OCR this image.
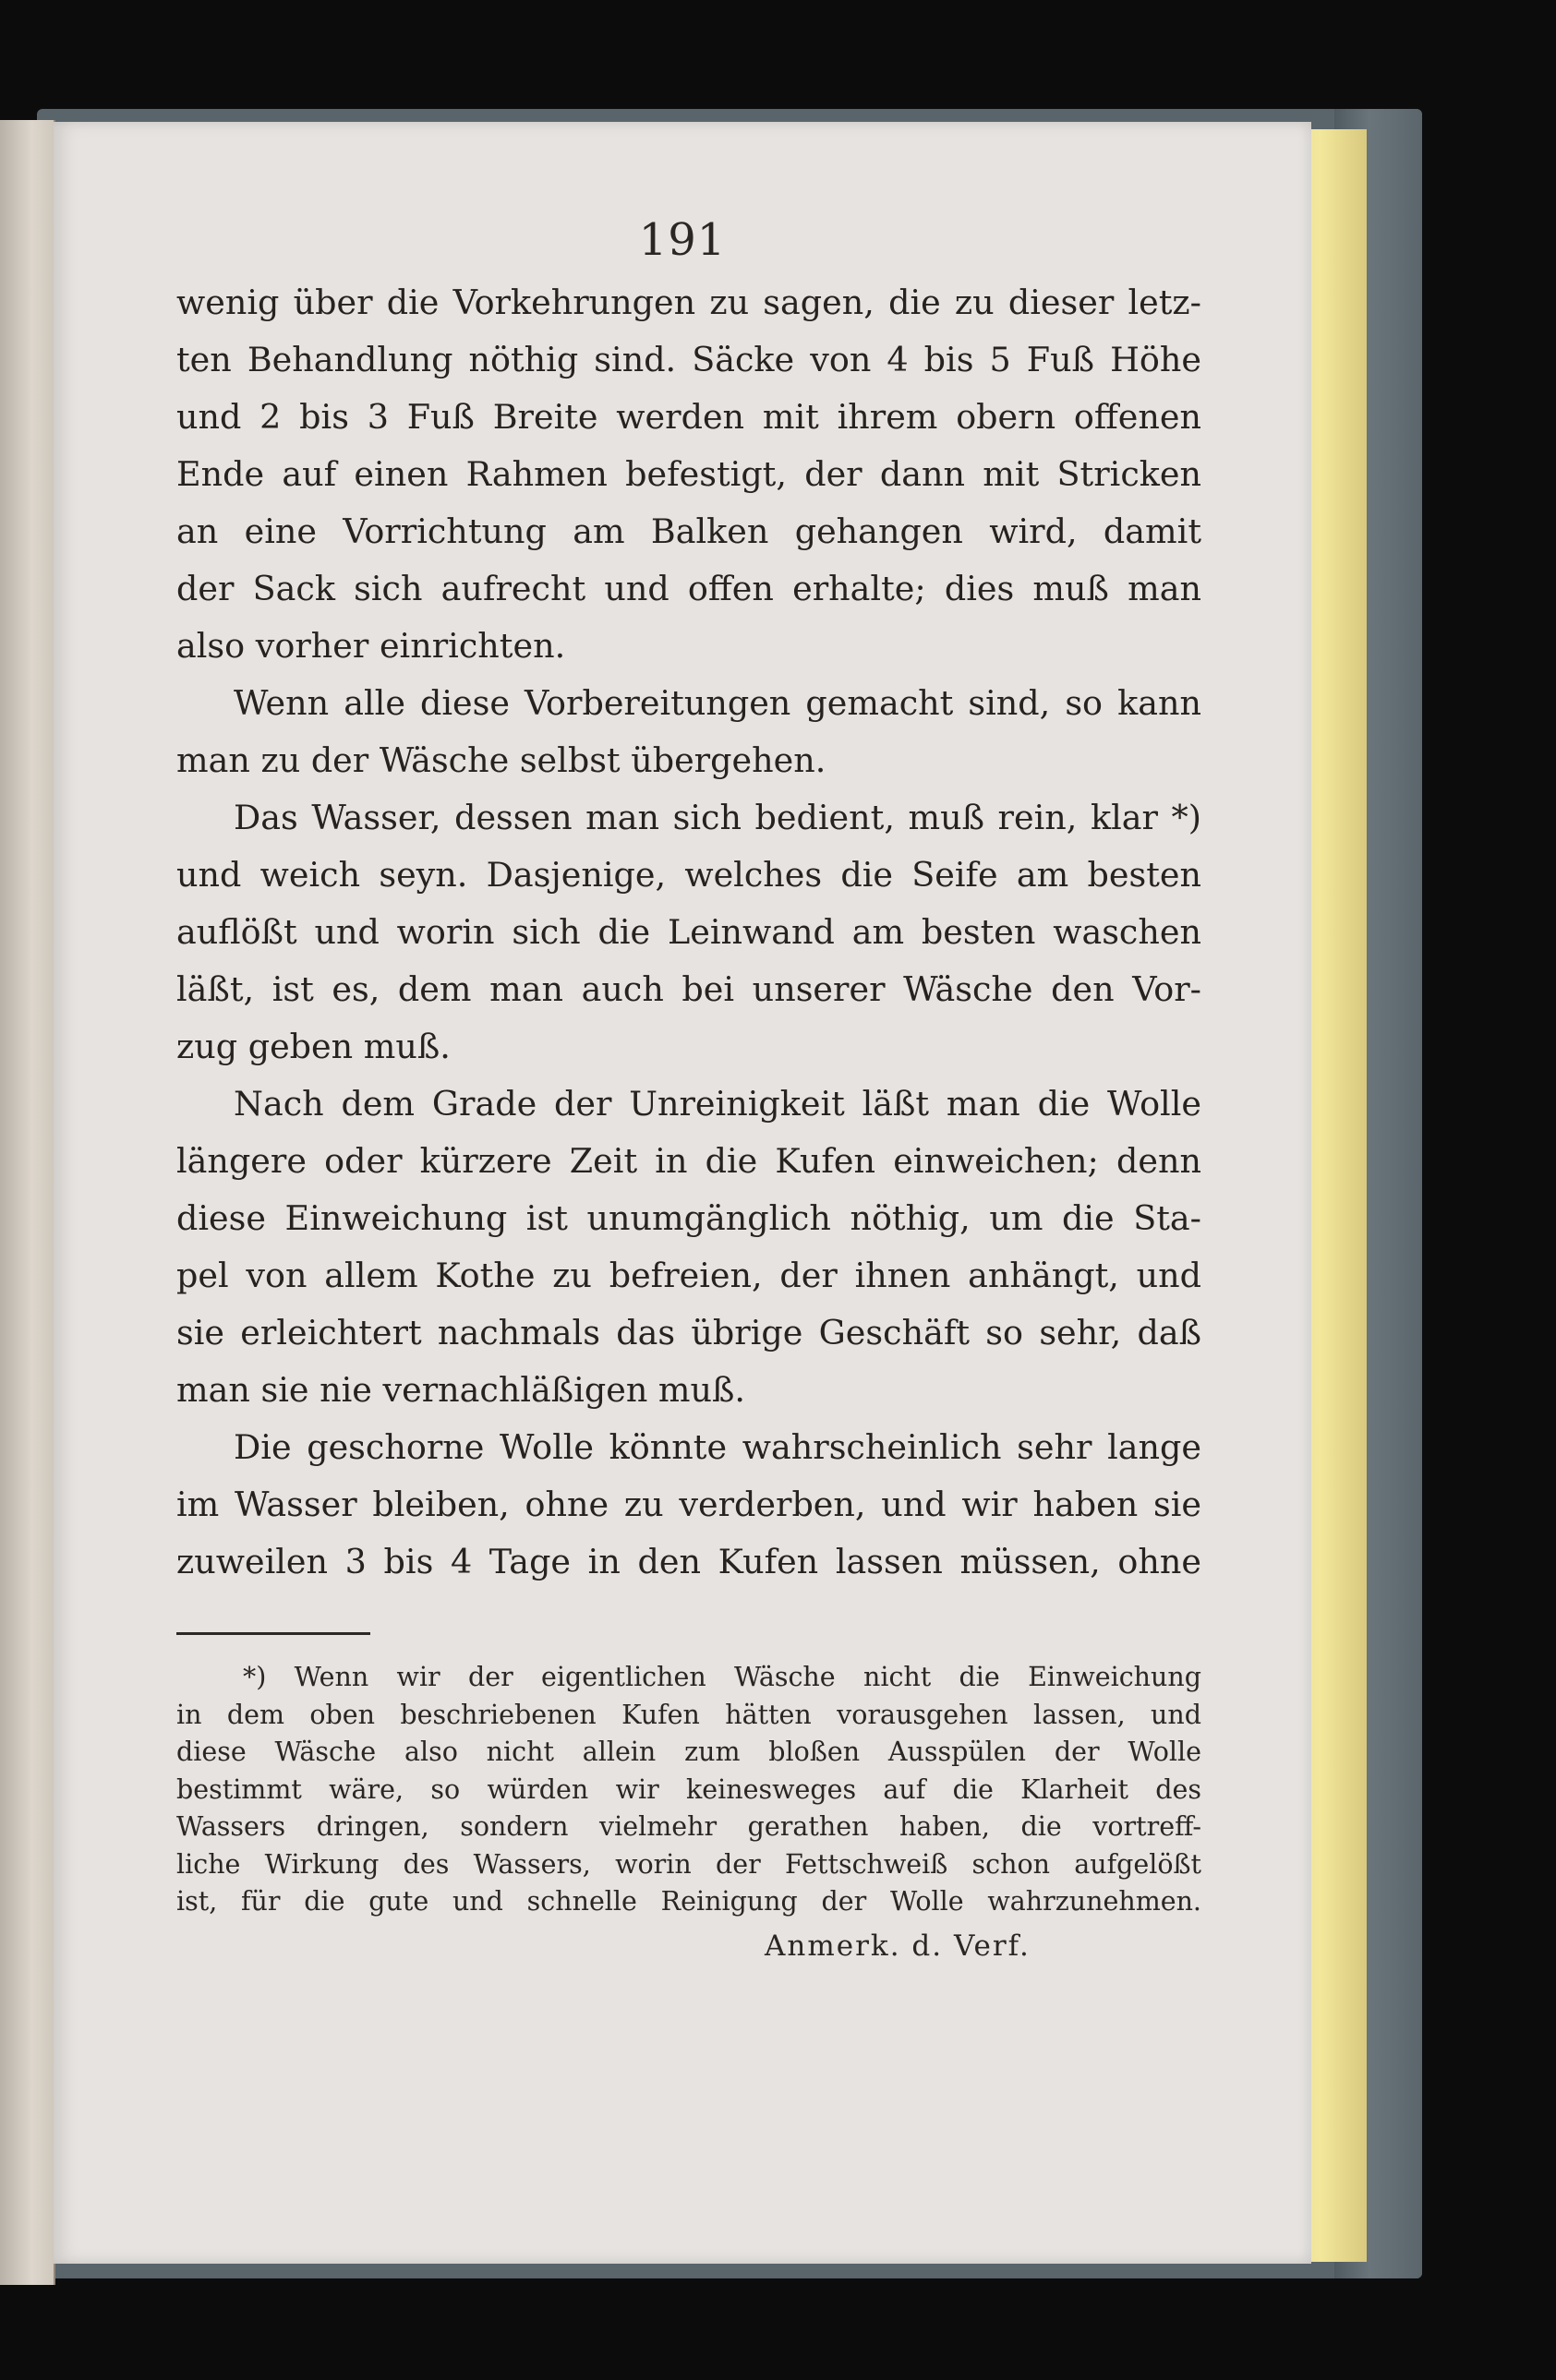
191
wenig über die Vorkehrungen zu sagen, die zu dieser letz-
ten Behandlung nöthig sind. Säcke von 4 bis 5 Fuß Höhe
und 2 bis 3 Fuß Breite werden mit ihrem obern offenen
Ende auf einen Rahmen befestigt, der dann mit Stricken
an eine Vorrichtung am Balken gehangen wird, damit
der Sack sich aufrecht und offen erhalte; dies muß man
also vorher einrichten.
Wenn alle diese Vorbereitungen gemacht sind, so kann
man zu der Wäsche selbst übergehen.
Das Wasser, dessen man sich bedient, muß rein, klar *)
und weich seyn. Dasjenige, welches die Seife am besten
auflößt und worin sich die Leinwand am besten waschen
läßt, ist es, dem man auch bei unserer Wäsche den Vor-
zug geben muß.
Nach dem Grade der Unreinigkeit läßt man die Wolle
längere oder kürzere Zeit in die Kufen einweichen; denn
diese Einweichung ist unumgänglich nöthig, um die Sta-
pel von allem Kothe zu befreien, der ihnen anhängt, und
sie erleichtert nachmals das übrige Geschäft so sehr, daß
man sie nie vernachläßigen muß.
Die geschorne Wolle könnte wahrscheinlich sehr lange
im Wasser bleiben, ohne zu verderben, und wir haben sie
zuweilen 3 bis 4 Tage in den Kufen lassen müssen, ohne
*) Wenn wir der eigentlichen Wäsche nicht die Einweichung
in dem oben beschriebenen Kufen hätten vorausgehen lassen, und
diese Wäsche also nicht allein zum bloßen Ausspülen der Wolle
bestimmt wäre, so würden wir keinesweges auf die Klarheit des
Wassers dringen, sondern vielmehr gerathen haben, die vortreff-
liche Wirkung des Wassers, worin der Fettschweiß schon aufgelößt
ist, für die gute und schnelle Reinigung der Wolle wahrzunehmen.
Anmerk. d. Verf.
